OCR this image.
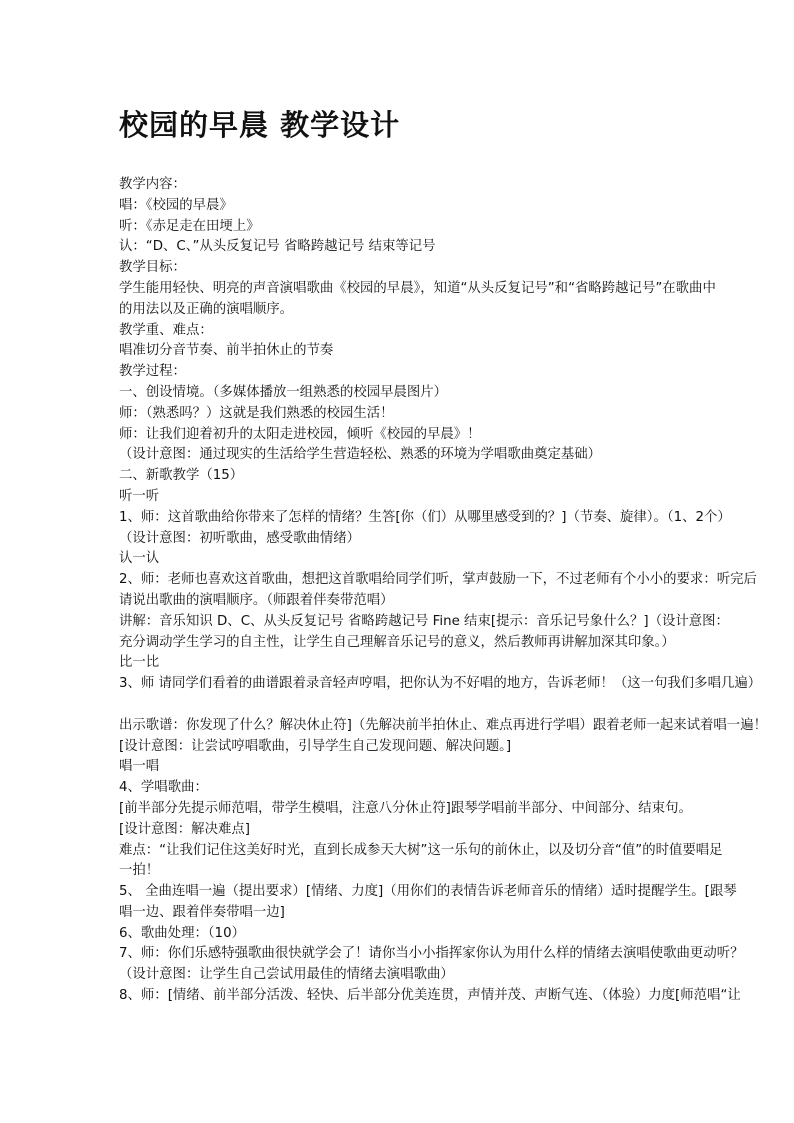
校园的早晨 教学设计
教学内容：
唱：《校园的早晨》
听：《赤足走在田埂上》
认：“D、C、”从头反复记号 省略跨越记号 结束等记号
教学目标：
学生能用轻快、明亮的声音演唱歌曲《校园的早晨》，知道“从头反复记号”和“省略跨越记号”在歌曲中
的用法以及正确的演唱顺序。
教学重、难点：
唱准切分音节奏、前半拍休止的节奏
教学过程：
一、创设情境。（多媒体播放一组熟悉的校园早晨图片）
师：（熟悉吗？）这就是我们熟悉的校园生活！
师：让我们迎着初升的太阳走进校园，倾听《校园的早晨》！
（设计意图：通过现实的生活给学生营造轻松、熟悉的环境为学唱歌曲奠定基础）
二、新歌教学（15）
听一听
1、师：这首歌曲给你带来了怎样的情绪？生答[你（们）从哪里感受到的？]（节奏、旋律）。（1、2个）
（设计意图：初听歌曲，感受歌曲情绪）
认一认
2、师：老师也喜欢这首歌曲，想把这首歌唱给同学们听，掌声鼓励一下，不过老师有个小小的要求：听完后
请说出歌曲的演唱顺序。（师跟着伴奏带范唱）
讲解：音乐知识 D、C、从头反复记号 省略跨越记号 Fine 结束[提示：音乐记号象什么？]（设计意图：
充分调动学生学习的自主性，让学生自己理解音乐记号的意义，然后教师再讲解加深其印象。）
比一比
3、师 请同学们看着的曲谱跟着录音轻声哼唱，把你认为不好唱的地方，告诉老师！（这一句我们多唱几遍）
出示歌谱：你发现了什么？解决休止符]（先解决前半拍休止、难点再进行学唱）跟着老师一起来试着唱一遍！
[设计意图：让尝试哼唱歌曲，引导学生自己发现问题、解决问题。]
唱一唱
4、学唱歌曲：
[前半部分先提示师范唱，带学生模唱，注意八分休止符]跟琴学唱前半部分、中间部分、结束句。
[设计意图：解决难点]
难点：“让我们记住这美好时光，直到长成参天大树”这一乐句的前休止，以及切分音“值”的时值要唱足
一拍！
5、 全曲连唱一遍（提出要求）[情绪、力度]（用你们的表情告诉老师音乐的情绪）适时提醒学生。[跟琴
唱一边、跟着伴奏带唱一边]
6、歌曲处理：（10）
7、师：你们乐感特强歌曲很快就学会了！请你当小小指挥家你认为用什么样的情绪去演唱使歌曲更动听？
（设计意图：让学生自己尝试用最佳的情绪去演唱歌曲）
8、师：[情绪、前半部分活泼、轻快、后半部分优美连贯，声情并茂、声断气连、（体验）力度[师范唱“让
